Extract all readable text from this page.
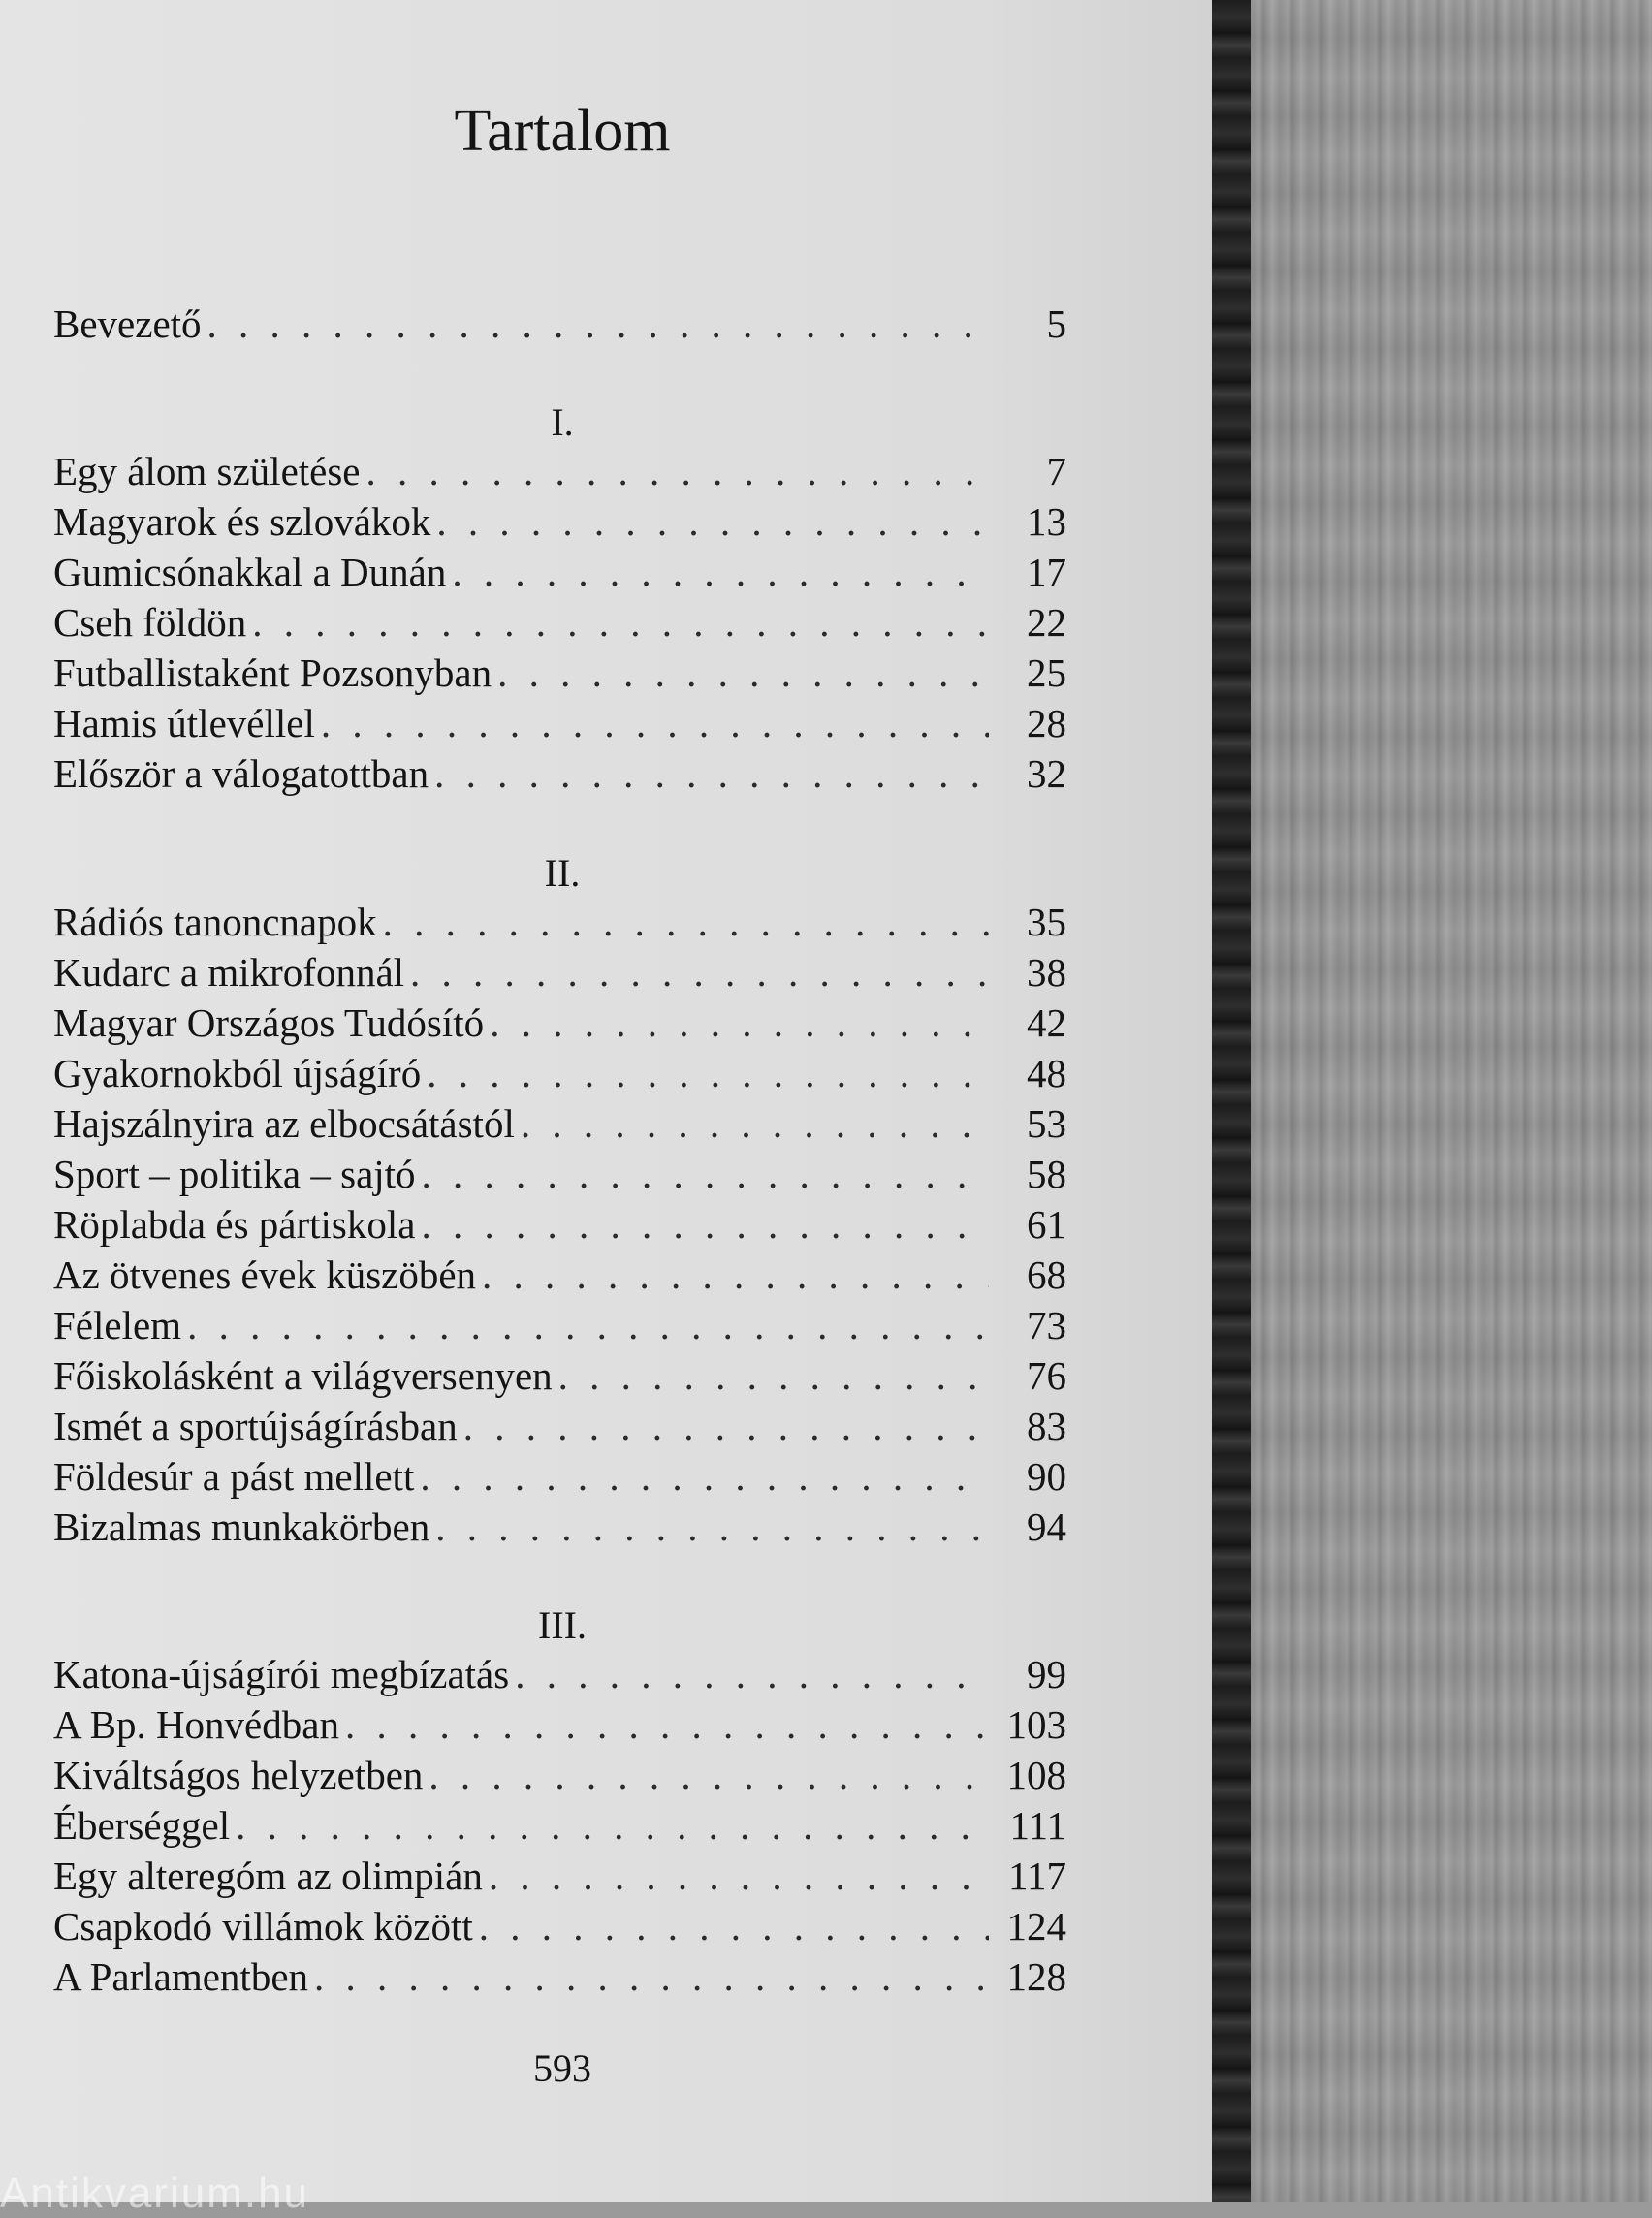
Tartalom
Bevezető . . .	5
I.
Egy álom születése . . .	7
Magyarok és szlovákok . . .	13
Gumicsónakkal a Dunán . . .	17
Cseh földön . . .	22
Futballistaként Pozsonyban . . .	25
Hamis útlevéllel . . .	28
Először a válogatottban . . .	32
II.
Rádiós tanoncnapok . . .	35
Kudarc a mikrofonnál . . .	38
Magyar Országos Tudósító . . .	42
Gyakornokból újságíró . . .	48
Hajszálnyira az elbocsátástól . . .	53
Sport – politika – sajtó . . .	58
Röplabda és pártiskola . . .	61
Az ötvenes évek küszöbén . . .	68
Félelem . . .	73
Főiskolásként a világversenyen . . .	76
Ismét a sportújságírásban . . .	83
Földesúr a pást mellett . . .	90
Bizalmas munkakörben . . .	94
III.
Katona-újságírói megbízatás . . .	99
A Bp. Honvédban . . .	103
Kiváltságos helyzetben . . .	108
Éberséggel . . .	111
Egy alteregóm az olimpián . . .	117
Csapkodó villámok között . . .	124
A Parlamentben . . .	128
593
Antikvarium.hu
